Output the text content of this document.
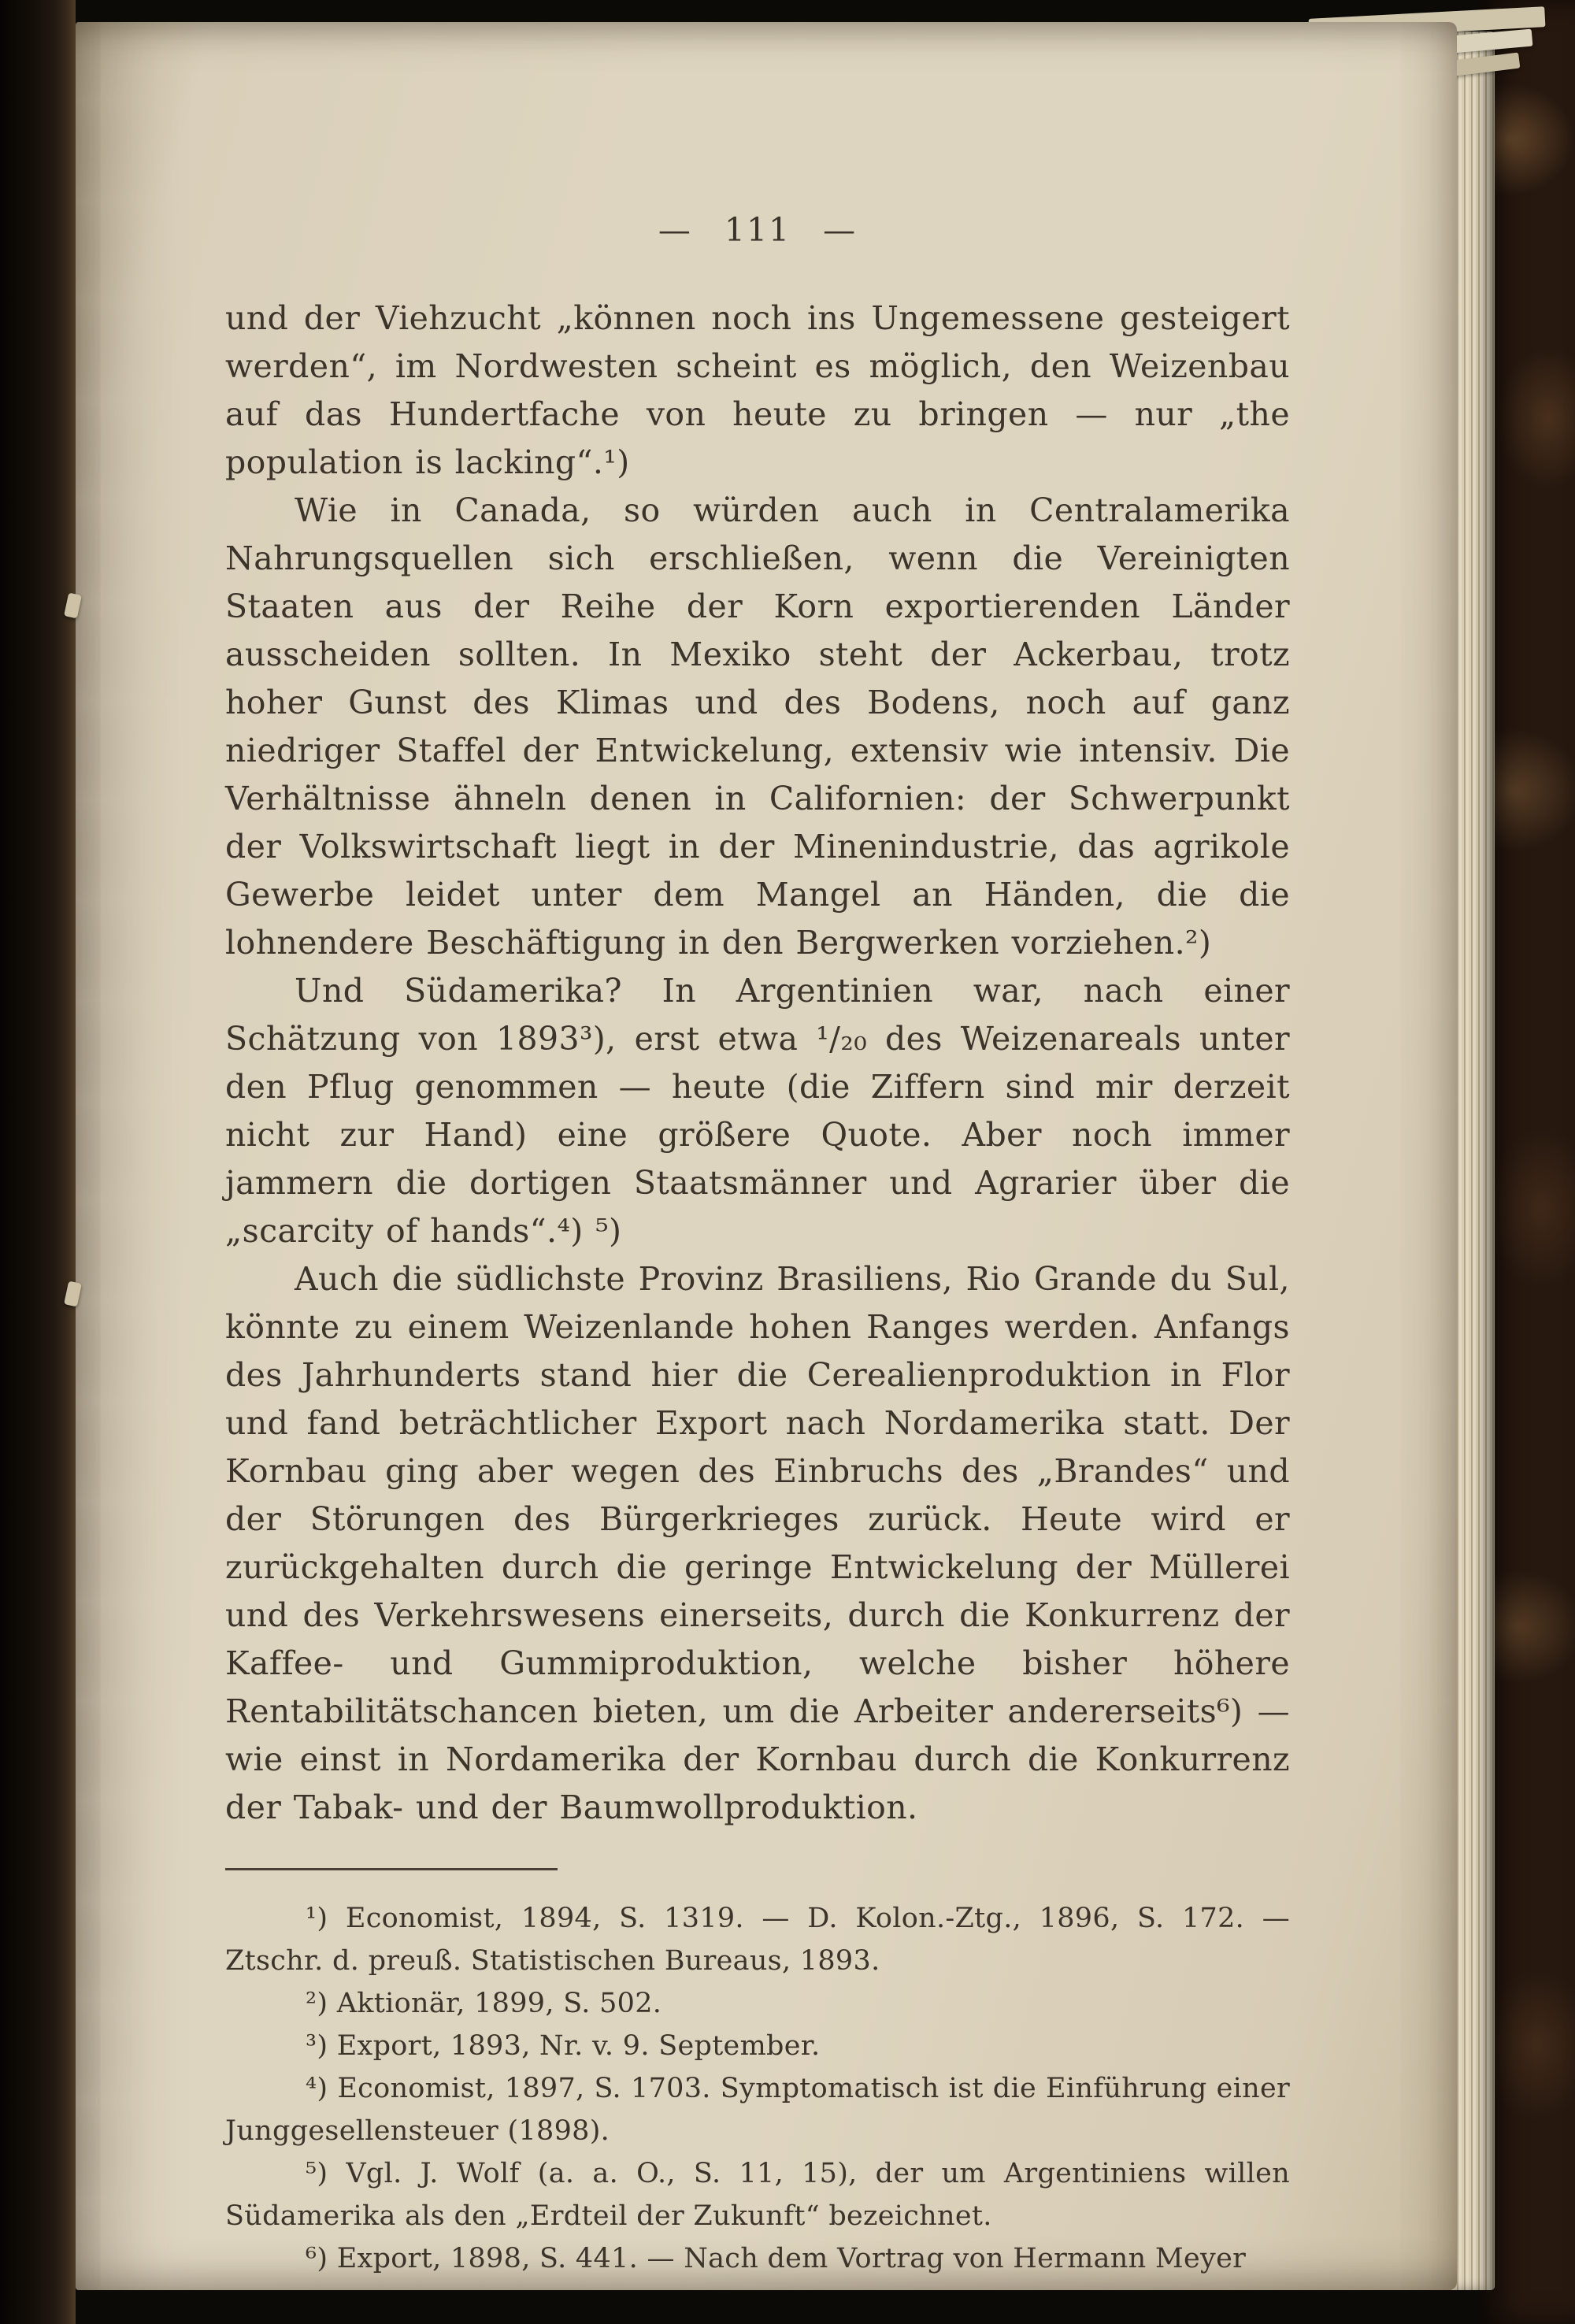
— 111 —

und der Viehzucht „können noch ins Ungemessene gesteigert werden“, im Nordwesten scheint es möglich, den Weizenbau auf das Hundertfache von heute zu bringen — nur „the population is lacking“.¹)

Wie in Canada, so würden auch in Centralamerika Nahrungsquellen sich erschließen, wenn die Vereinigten Staaten aus der Reihe der Korn exportierenden Länder ausscheiden sollten. In Mexiko steht der Ackerbau, trotz hoher Gunst des Klimas und des Bodens, noch auf ganz niedriger Staffel der Entwickelung, extensiv wie intensiv. Die Verhältnisse ähneln denen in Californien: der Schwerpunkt der Volkswirtschaft liegt in der Minenindustrie, das agrikole Gewerbe leidet unter dem Mangel an Händen, die die lohnendere Beschäftigung in den Bergwerken vorziehen.²)

Und Südamerika? In Argentinien war, nach einer Schätzung von 1893³), erst etwa ¹/₂₀ des Weizenareals unter den Pflug genommen — heute (die Ziffern sind mir derzeit nicht zur Hand) eine größere Quote. Aber noch immer jammern die dortigen Staatsmänner und Agrarier über die „scarcity of hands“.⁴) ⁵)

Auch die südlichste Provinz Brasiliens, Rio Grande du Sul, könnte zu einem Weizenlande hohen Ranges werden. Anfangs des Jahrhunderts stand hier die Cerealienproduktion in Flor und fand beträchtlicher Export nach Nordamerika statt. Der Kornbau ging aber wegen des Einbruchs des „Brandes“ und der Störungen des Bürgerkrieges zurück. Heute wird er zurückgehalten durch die geringe Entwickelung der Müllerei und des Verkehrswesens einerseits, durch die Konkurrenz der Kaffee- und Gummiproduktion, welche bisher höhere Rentabilitätschancen bieten, um die Arbeiter andererseits⁶) — wie einst in Nordamerika der Kornbau durch die Konkurrenz der Tabak- und der Baumwollproduktion.

¹) Economist, 1894, S. 1319. — D. Kolon.-Ztg., 1896, S. 172. — Ztschr. d. preuß. Statistischen Bureaus, 1893.

²) Aktionär, 1899, S. 502.

³) Export, 1893, Nr. v. 9. September.

⁴) Economist, 1897, S. 1703. Symptomatisch ist die Einführung einer Junggesellensteuer (1898).

⁵) Vgl. J. Wolf (a. a. O., S. 11, 15), der um Argentiniens willen Südamerika als den „Erdteil der Zukunft“ bezeichnet.

⁶) Export, 1898, S. 441. — Nach dem Vortrag von Hermann Meyer
